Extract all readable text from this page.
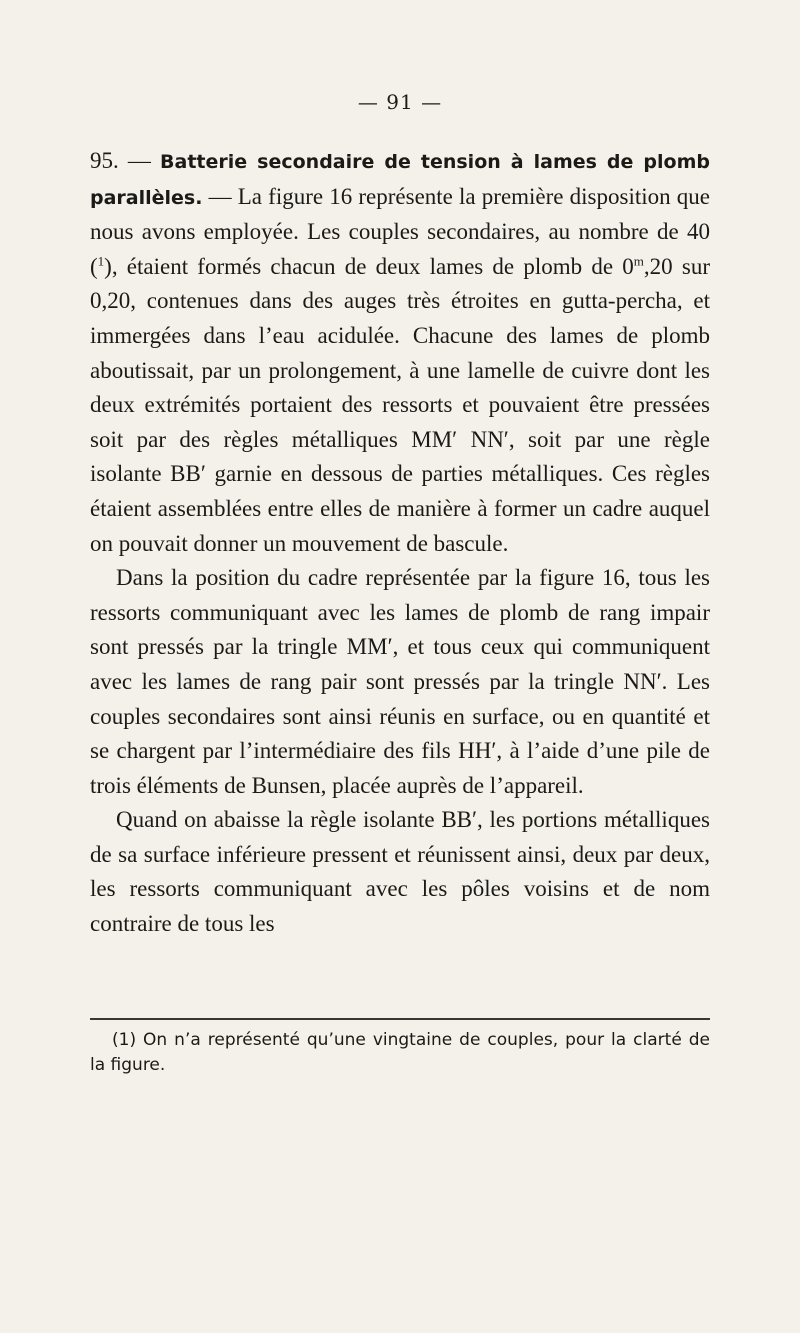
— 91 —

95. — Batterie secondaire de tension à lames de plomb parallèles. — La figure 16 représente la première disposition que nous avons employée. Les couples secondaires, au nombre de 40 ($^1$), étaient formés chacun de deux lames de plomb de 0$^m$,20 sur 0,20, contenues dans des auges très étroites en gutta-percha, et immergées dans l’eau acidulée. Chacune des lames de plomb aboutissait, par un prolongement, à une lamelle de cuivre dont les deux extrémités portaient des ressorts et pouvaient être pressées soit par des règles métalliques MM′ NN′, soit par une règle isolante BB′ garnie en dessous de parties métalliques. Ces règles étaient assemblées entre elles de manière à former un cadre auquel on pouvait donner un mouvement de bascule.

Dans la position du cadre représentée par la figure 16, tous les ressorts communiquant avec les lames de plomb de rang impair sont pressés par la tringle MM′, et tous ceux qui communiquent avec les lames de rang pair sont pressés par la tringle NN′. Les couples secondaires sont ainsi réunis en surface, ou en quantité et se chargent par l’intermédiaire des fils HH′, à l’aide d’une pile de trois éléments de Bunsen, placée auprès de l’appareil.

Quand on abaisse la règle isolante BB′, les portions métalliques de sa surface inférieure pressent et réunissent ainsi, deux par deux, les ressorts communiquant avec les pôles voisins et de nom contraire de tous les

(1) On n’a représenté qu’une vingtaine de couples, pour la clarté de la figure.
